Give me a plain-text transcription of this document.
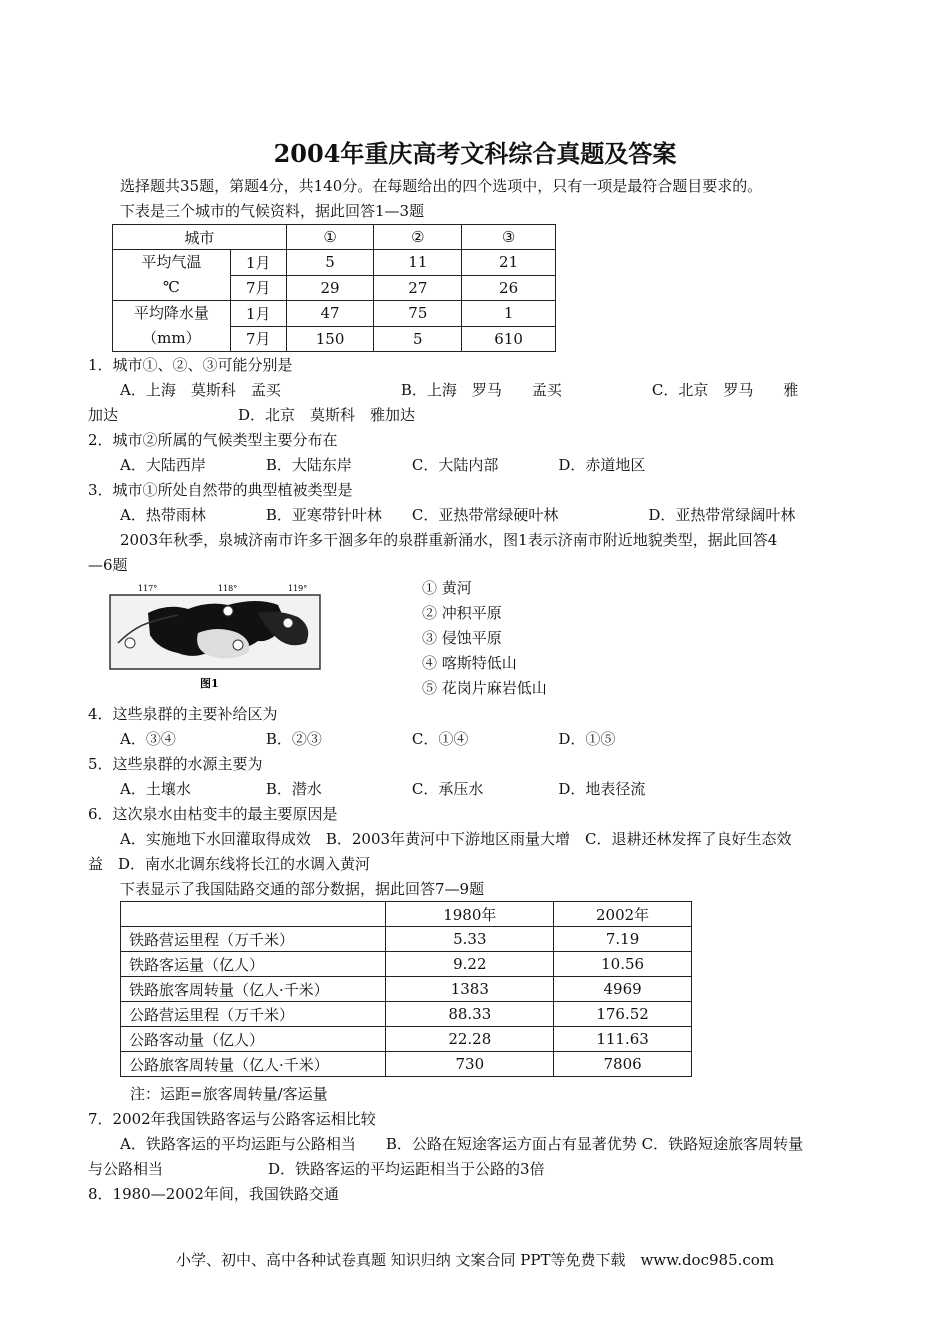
2004年重庆高考文科综合真题及答案
选择题共35题，第题4分，共140分。在每题给出的四个选项中，只有一项是最符合题目要求的。
下表是三个城市的气候资料，据此回答1—3题
城市		①	②	③

平均气温
℃	1月	5	11	21
	7月	29	27	26

平均降水量
（mm）	1月	47	75	1
	7月	150	5	610
1．城市①、②、③可能分别是
A．上海　莫斯科　孟买　　　　　　　　B．上海　罗马　　孟买　　　　　　C．北京　罗马　　雅
加达　　　　　　　　D．北京　莫斯科　雅加达
2．城市②所属的气候类型主要分布在
A．大陆西岸　　　　B．大陆东岸　　　　C．大陆内部　　　　D．赤道地区
3．城市①所处自然带的典型植被类型是
A．热带雨林　　　　B．亚寒带针叶林　　C．亚热带常绿硬叶林　　　　　　D．亚热带常绿阔叶林
2003年秋季，泉城济南市许多干涸多年的泉群重新涌水，图1表示济南市附近地貌类型，据此回答4
—6题
117°	118°	119°
图1
① 黄河
② 冲积平原
③ 侵蚀平原
④ 喀斯特低山
⑤ 花岗片麻岩低山
4．这些泉群的主要补给区为
A．③④　　　　　　B．②③　　　　　　C．①④　　　　　　D．①⑤
5．这些泉群的水源主要为
A．土壤水　　　　　B．潜水　　　　　　C．承压水　　　　　D．地表径流
6．这次泉水由枯变丰的最主要原因是
A．实施地下水回灌取得成效　B．2003年黄河中下游地区雨量大增　C．退耕还林发挥了良好生态效
益　D．南水北调东线将长江的水调入黄河
下表显示了我国陆路交通的部分数据，据此回答7—9题
	1980年	2002年
铁路营运里程（万千米）	5.33	7.19
铁路客运量（亿人）	9.22	10.56
铁路旅客周转量（亿人·千米）	1383	4969
公路营运里程（万千米）	88.33	176.52
公路客动量（亿人）	22.28	111.63
公路旅客周转量（亿人·千米）	730	7806
注：运距=旅客周转量/客运量
7．2002年我国铁路客运与公路客运相比较
A．铁路客运的平均运距与公路相当　　B．公路在短途客运方面占有显著优势 C．铁路短途旅客周转量
与公路相当　　　　　　　D．铁路客运的平均运距相当于公路的3倍
8．1980—2002年间，我国铁路交通
小学、初中、高中各种试卷真题 知识归纳 文案合同 PPT等免费下载　www.doc985.com
